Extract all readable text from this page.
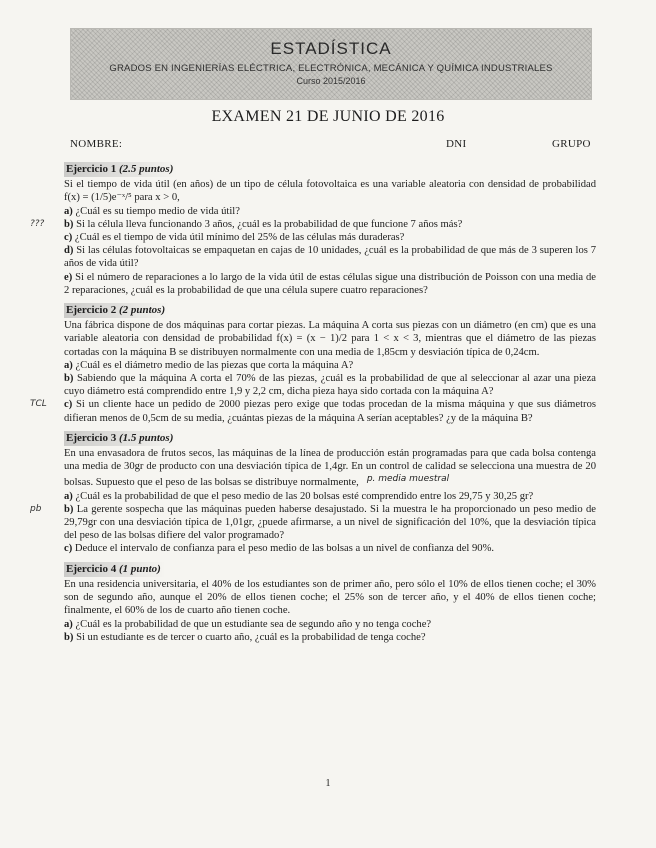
ESTADÍSTICA
GRADOS EN INGENIERÍAS ELÉCTRICA, ELECTRÓNICA, MECÁNICA Y QUÍMICA INDUSTRIALES
Curso 2015/2016
EXAMEN 21 DE JUNIO DE 2016
NOMBRE:	DNI	GRUPO
Ejercicio 1 (2.5 puntos)

Si el tiempo de vida útil (en años) de un tipo de célula fotovoltaica es una variable aleatoria con densidad de probabilidad f(x) = (1/5)e⁻ˣ/⁵ para x > 0,

a) ¿Cuál es su tiempo medio de vida útil?

??? b) Si la célula lleva funcionando 3 años, ¿cuál es la probabilidad de que funcione 7 años más?

c) ¿Cuál es el tiempo de vida útil mínimo del 25% de las células más duraderas?

d) Si las células fotovoltaicas se empaquetan en cajas de 10 unidades, ¿cuál es la probabilidad de que más de 3 superen los 7 años de vida útil?

e) Si el número de reparaciones a lo largo de la vida útil de estas células sigue una distribución de Poisson con una media de 2 reparaciones, ¿cuál es la probabilidad de que una célula supere cuatro reparaciones?

Ejercicio 2 (2 puntos)

Una fábrica dispone de dos máquinas para cortar piezas. La máquina A corta sus piezas con un diámetro (en cm) que es una variable aleatoria con densidad de probabilidad f(x) = (x − 1)/2 para 1 < x < 3, mientras que el diámetro de las piezas cortadas con la máquina B se distribuyen normalmente con una media de 1,85cm y desviación típica de 0,24cm.

a) ¿Cuál es el diámetro medio de las piezas que corta la máquina A?

b) Sabiendo que la máquina A corta el 70% de las piezas, ¿cuál es la probabilidad de que al seleccionar al azar una pieza cuyo diámetro está comprendido entre 1,9 y 2,2 cm, dicha pieza haya sido cortada con la máquina A?

TCL c) Si un cliente hace un pedido de 2000 piezas pero exige que todas procedan de la misma máquina y que sus diámetros difieran menos de 0,5cm de su media, ¿cuántas piezas de la máquina A serían aceptables? ¿y de la máquina B?

Ejercicio 3 (1.5 puntos)

En una envasadora de frutos secos, las máquinas de la línea de producción están programadas para que cada bolsa contenga una media de 30gr de producto con una desviación típica de 1,4gr. En un control de calidad se selecciona una muestra de 20 bolsas. Supuesto que el peso de las bolsas se distribuye normalmente, p. media muestral

a) ¿Cuál es la probabilidad de que el peso medio de las 20 bolsas esté comprendido entre los 29,75 y 30,25 gr?

pb b) La gerente sospecha que las máquinas pueden haberse desajustado. Si la muestra le ha proporcionado un peso medio de 29,79gr con una desviación típica de 1,01gr, ¿puede afirmarse, a un nivel de significación del 10%, que la desviación típica del peso de las bolsas difiere del valor programado?

c) Deduce el intervalo de confianza para el peso medio de las bolsas a un nivel de confianza del 90%.

Ejercicio 4 (1 punto)

En una residencia universitaria, el 40% de los estudiantes son de primer año, pero sólo el 10% de ellos tienen coche; el 30% son de segundo año, aunque el 20% de ellos tienen coche; el 25% son de tercer año, y el 40% de ellos tienen coche; finalmente, el 60% de los de cuarto año tienen coche.

a) ¿Cuál es la probabilidad de que un estudiante sea de segundo año y no tenga coche?

b) Si un estudiante es de tercer o cuarto año, ¿cuál es la probabilidad de tenga coche?

1
